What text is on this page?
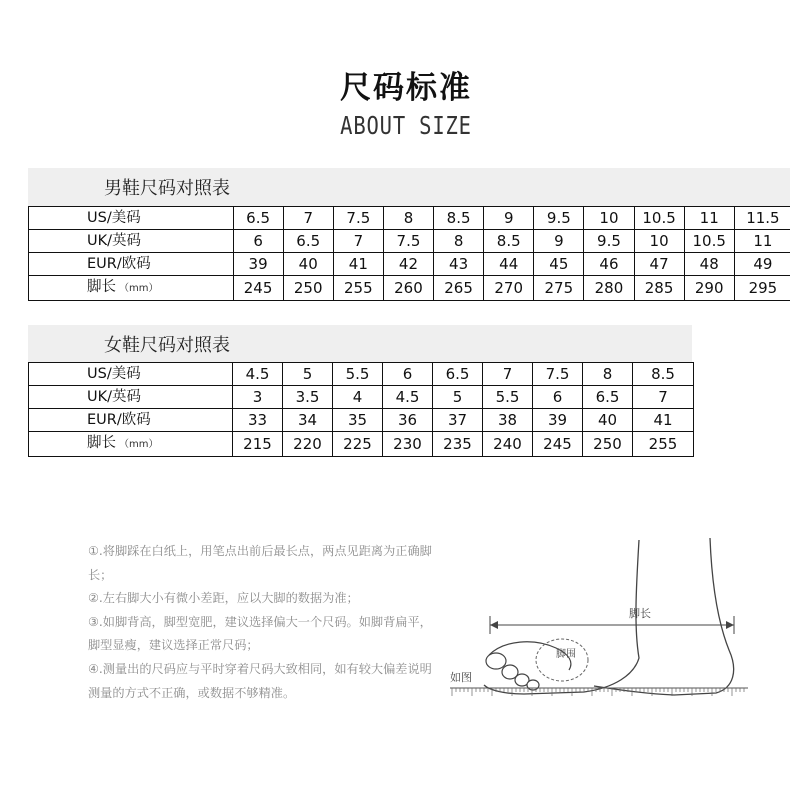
尺码标准
ABOUT SIZE
男鞋尺码对照表
US/美码	6.5	7	7.5	8	8.5	9	9.5	10	10.5	11	11.5
UK/英码	6	6.5	7	7.5	8	8.5	9	9.5	10	10.5	11
EUR/欧码	39	40	41	42	43	44	45	46	47	48	49
脚长 （mm）	245	250	255	260	265	270	275	280	285	290	295
女鞋尺码对照表
US/美码	4.5	5	5.5	6	6.5	7	7.5	8	8.5
UK/英码	3	3.5	4	4.5	5	5.5	6	6.5	7
EUR/欧码	33	34	35	36	37	38	39	40	41
脚长 （mm）	215	220	225	230	235	240	245	250	255

①.将脚踩在白纸上，用笔点出前后最长点，两点见距离为正确脚长；

②.左右脚大小有微小差距，应以大脚的数据为准；

③.如脚背高，脚型宽肥，建议选择偏大一个尺码。如脚背扁平，脚型显瘦，建议选择正常尺码；

④.测量出的尺码应与平时穿着尺码大致相同，如有较大偏差说明测量的方式不正确，或数据不够精准。

脚长
脚围
如图
